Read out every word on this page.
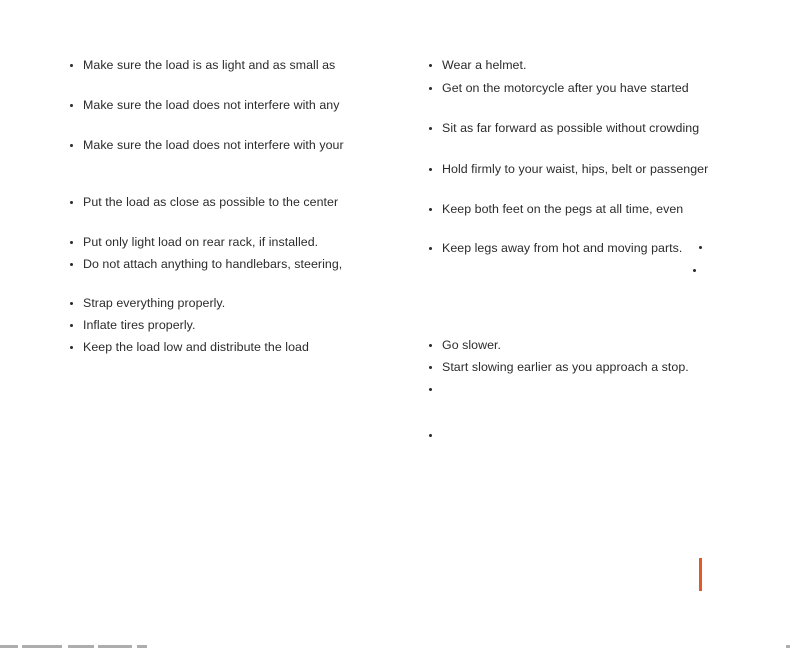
Make sure the load is as light and as small as
Make sure the load does not interfere with any
Make sure the load does not interfere with your
Put the load as close as possible to the center
Put only light load on rear rack, if installed.
Do not attach anything to handlebars, steering,
Strap everything properly.
Inflate tires properly.
Keep the load low and distribute the load
Wear a helmet.
Get on the motorcycle after you have started
Sit as far forward as possible without crowding
Hold firmly to your waist, hips, belt or passenger
Keep both feet on the pegs at all time, even
Keep legs away from hot and moving parts.
Go slower.
Start slowing earlier as you approach a stop.
